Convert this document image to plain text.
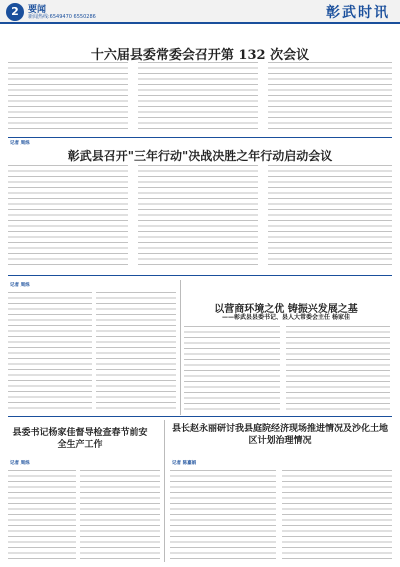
2	要闻
新闻热线:6549470 6550286	彰武时讯
十六届县委常委会召开第 132 次会议
记者 周烁
彰武县召开"三年行动"决战决胜之年行动启动会议
记者 周烁
以营商环境之优 铸振兴发展之基
——彰武县县委书记、县人大常委会主任 杨家佳
县委书记杨家佳督导检查春节前安全生产工作
记者 周烁
县长赵永丽研讨我县庭院经济现场推进情况及沙化土地区计划治理情况
记者 陈嘉娟
